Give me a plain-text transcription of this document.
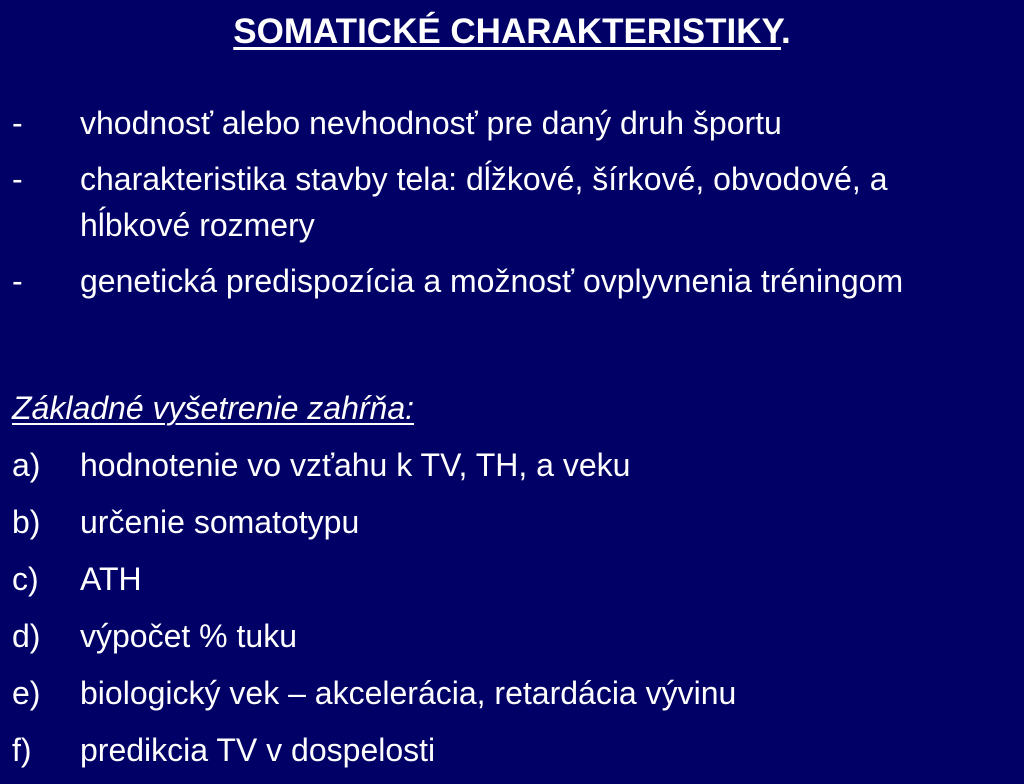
SOMATICKÉ CHARAKTERISTIKY.
-	vhodnosť alebo nevhodnosť pre daný druh športu
-	charakteristika stavby tela: dĺžkové, šírkové, obvodové, a hĺbkové rozmery
-	genetická predispozícia a možnosť ovplyvnenia tréningom
Základné vyšetrenie zahŕňa:
a)	hodnotenie vo vzťahu k TV, TH, a veku
b)	určenie somatotypu
c)	ATH
d)	výpočet % tuku
e)	biologický vek – akcelerácia, retardácia vývinu
f)	predikcia TV v dospelosti
